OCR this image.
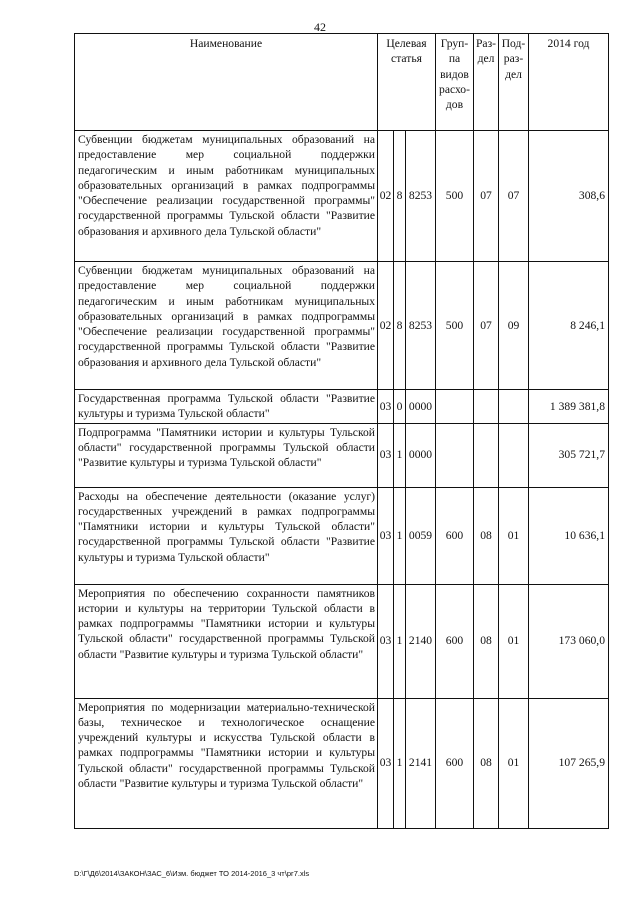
42
Наименование	Целевая статья			Груп-па видов расхо-дов	Раз-дел	Под-раз-дел	2014 год
Субвенции бюджетам муниципальных образований на предоставление мер социальной поддержки педагогическим и иным работникам муниципальных образовательных организаций в рамках подпрограммы "Обеспечение реализации государственной программы" государственной программы Тульской области "Развитие образования и архивного дела Тульской области"	02	8	8253	500	07	07	308,6
Субвенции бюджетам муниципальных образований на предоставление мер социальной поддержки педагогическим и иным работникам муниципальных образовательных организаций в рамках подпрограммы "Обеспечение реализации государственной программы" государственной программы Тульской области "Развитие образования и архивного дела Тульской области"	02	8	8253	500	07	09	8 246,1
Государственная программа Тульской области "Развитие культуры и туризма Тульской области"	03	0	0000				1 389 381,8
Подпрограмма "Памятники истории и культуры Тульской области" государственной программы Тульской области "Развитие культуры и туризма Тульской области"	03	1	0000				305 721,7
Расходы на обеспечение деятельности (оказание услуг) государственных учреждений в рамках подпрограммы "Памятники истории и культуры Тульской области" государственной программы Тульской области "Развитие культуры и туризма Тульской области"	03	1	0059	600	08	01	10 636,1
Мероприятия по обеспечению сохранности памятников истории и культуры на территории Тульской области в рамках подпрограммы "Памятники истории и культуры Тульской области" государственной программы Тульской области "Развитие культуры и туризма Тульской области"	03	1	2140	600	08	01	173 060,0
Мероприятия по модернизации материально-технической базы, техническое и технологическое оснащение учреждений культуры и искусства Тульской области в рамках подпрограммы "Памятники истории и культуры Тульской области" государственной программы Тульской области "Развитие культуры и туризма Тульской области"	03	1	2141	600	08	01	107 265,9
D:\Г\Д6\2014\ЗАКОН\ЗАС_6\Изм. бюджет ТО 2014-2016_3 чт\рг7.xls
